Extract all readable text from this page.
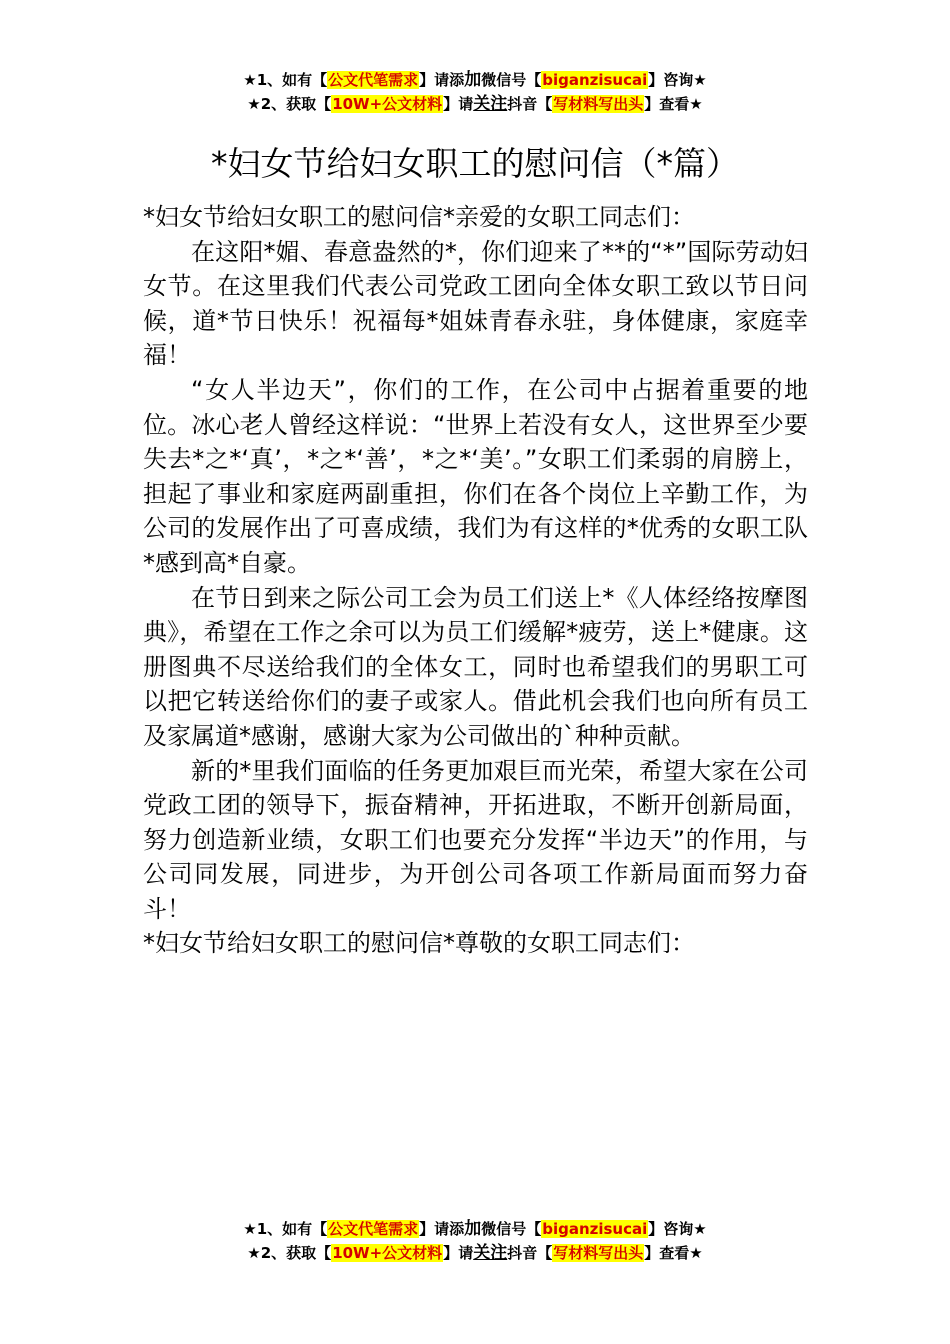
★1、如有【公文代笔需求】请添加微信号【biganzisucai】咨询★
★2、获取【10W+公文材料】请关注抖音【写材料写出头】查看★
*妇女节给妇女职工的慰问信（*篇）

*妇女节给妇女职工的慰问信*亲爱的女职工同志们：

在这阳*媚、春意盎然的*，你们迎来了**的“*”国际劳动妇女节。在这里我们代表公司党政工团向全体女职工致以节日问候，道*节日快乐！祝福每*姐妹青春永驻，身体健康，家庭幸福！

“女人半边天”，你们的工作，在公司中占据着重要的地位。冰心老人曾经这样说：“世界上若没有女人，这世界至少要失去*之*‘真’，*之*‘善’，*之*‘美’。”女职工们柔弱的肩膀上，担起了事业和家庭两副重担，你们在各个岗位上辛勤工作，为公司的发展作出了可喜成绩，我们为有这样的*优秀的女职工队*感到高*自豪。

在节日到来之际公司工会为员工们送上*《人体经络按摩图典》，希望在工作之余可以为员工们缓解*疲劳，送上*健康。这册图典不尽送给我们的全体女工，同时也希望我们的男职工可以把它转送给你们的妻子或家人。借此机会我们也向所有员工及家属道*感谢，感谢大家为公司做出的`种种贡献。

新的*里我们面临的任务更加艰巨而光荣，希望大家在公司党政工团的领导下，振奋精神，开拓进取，不断开创新局面，努力创造新业绩，女职工们也要充分发挥“半边天”的作用，与公司同发展，同进步，为开创公司各项工作新局面而努力奋斗！

*妇女节给妇女职工的慰问信*尊敬的女职工同志们：

★1、如有【公文代笔需求】请添加微信号【biganzisucai】咨询★
★2、获取【10W+公文材料】请关注抖音【写材料写出头】查看★
